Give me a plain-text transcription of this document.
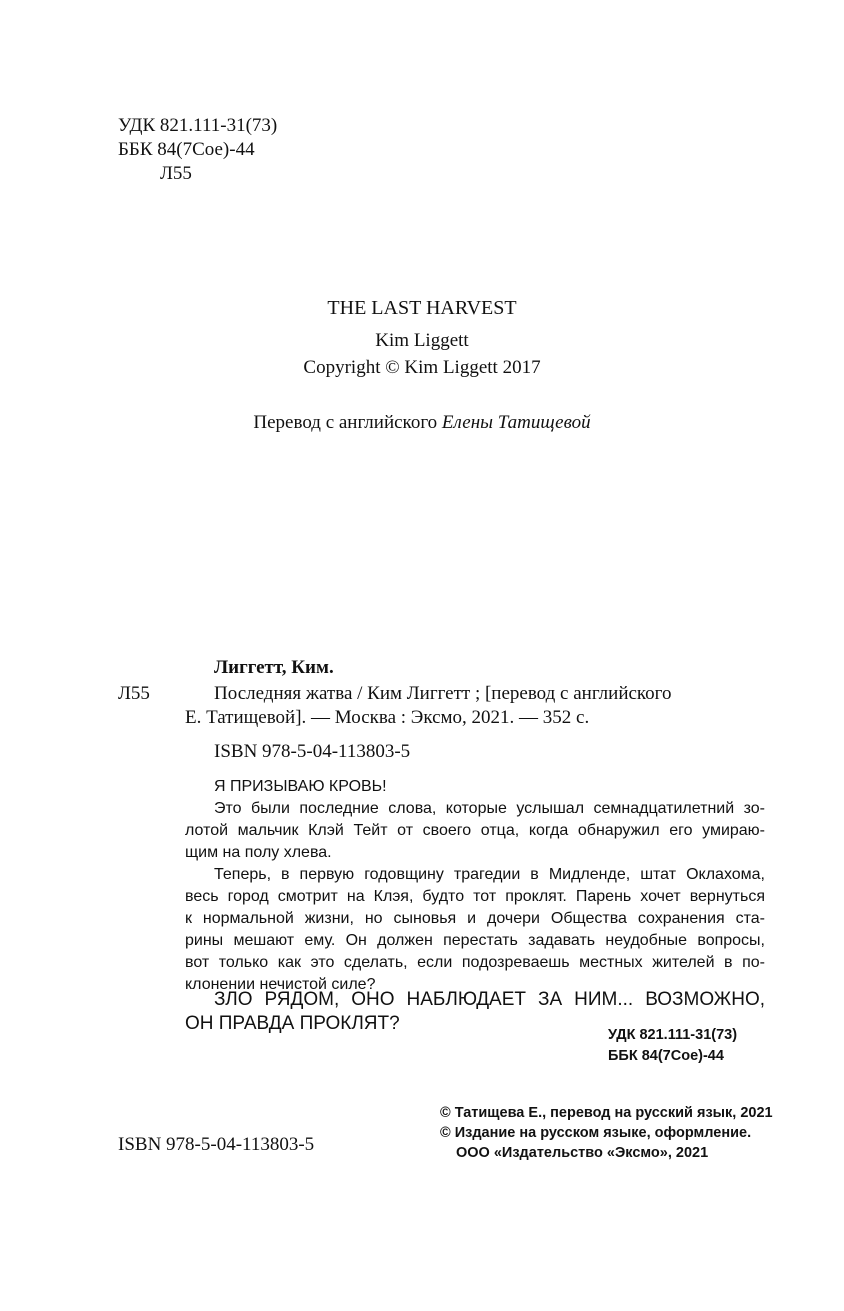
УДК 821.111-31(73)
ББК 84(7Сое)-44
Л55
THE LAST HARVEST
Kim Liggett
Copyright © Kim Liggett 2017
Перевод с английского Елены Татищевой
Лиггетт, Ким.
Л55	Последняя жатва / Ким Лиггетт ; [перевод с английского
Е. Татищевой]. — Москва : Эксмо, 2021. — 352 с.
ISBN 978-5-04-113803-5
Я ПРИЗЫВАЮ КРОВЬ!
Это были последние слова, которые услышал семнадцатилетний зо-
лотой мальчик Клэй Тейт от своего отца, когда обнаружил его умираю-
щим на полу хлева.
Теперь, в первую годовщину трагедии в Мидленде, штат Оклахома,
весь город смотрит на Клэя, будто тот проклят. Парень хочет вернуться
к нормальной жизни, но сыновья и дочери Общества сохранения ста-
рины мешают ему. Он должен перестать задавать неудобные вопросы,
вот только как это сделать, если подозреваешь местных жителей в по-
клонении нечистой силе?
ЗЛО РЯДОМ, ОНО НАБЛЮДАЕТ ЗА НИМ... ВОЗМОЖНО,
ОН ПРАВДА ПРОКЛЯТ?
УДК 821.111-31(73)
ББК 84(7Сое)-44
© Татищева Е., перевод на русский язык, 2021
© Издание на русском языке, оформление.
ООО «Издательство «Эксмо», 2021
ISBN 978-5-04-113803-5
